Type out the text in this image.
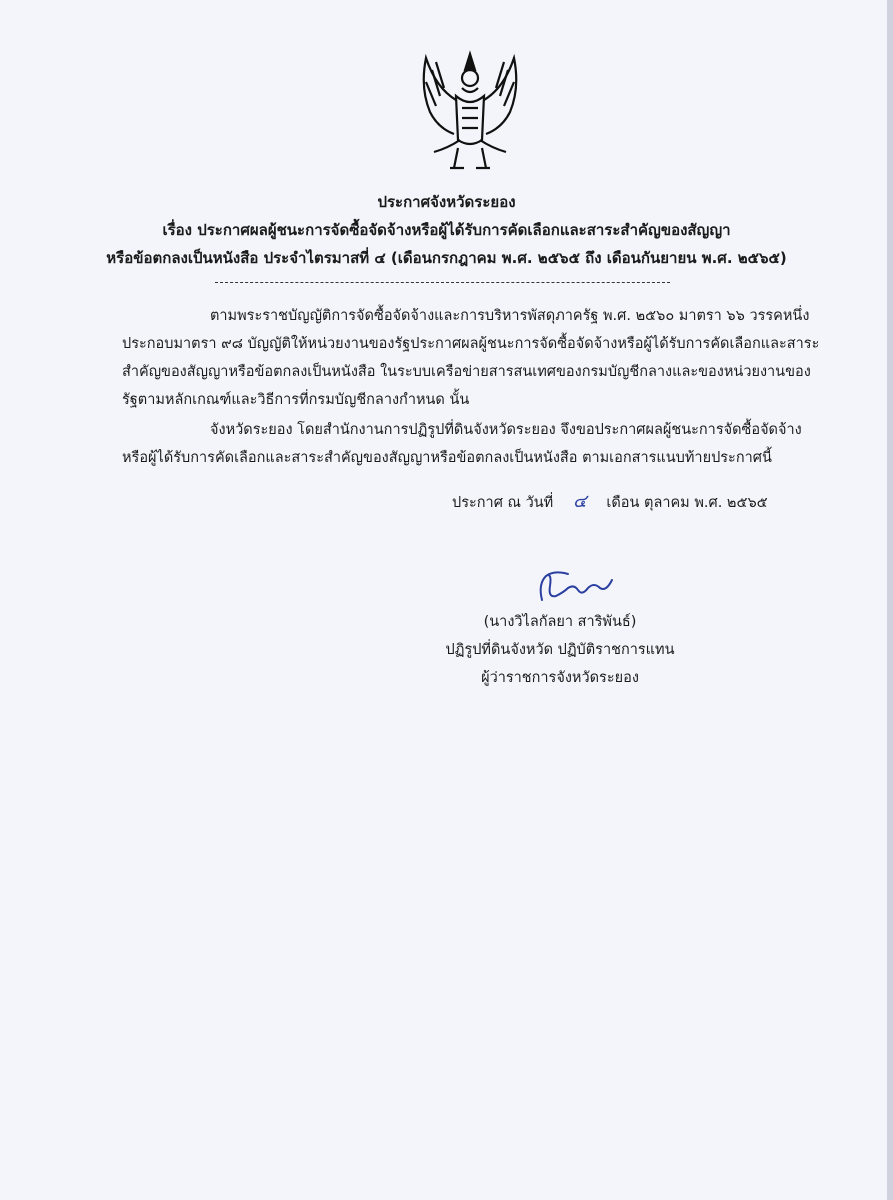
ประกาศจังหวัดระยอง
เรื่อง ประกาศผลผู้ชนะการจัดซื้อจัดจ้างหรือผู้ได้รับการคัดเลือกและสาระสำคัญของสัญญา
หรือข้อตกลงเป็นหนังสือ ประจำไตรมาสที่ ๔ (เดือนกรกฎาคม พ.ศ. ๒๕๖๕ ถึง เดือนกันยายน พ.ศ. ๒๕๖๕)
ตามพระราชบัญญัติการจัดซื้อจัดจ้างและการบริหารพัสดุภาครัฐ พ.ศ. ๒๕๖๐ มาตรา ๖๖ วรรคหนึ่ง ประกอบมาตรา ๙๘ บัญญัติให้หน่วยงานของรัฐประกาศผลผู้ชนะการจัดซื้อจัดจ้างหรือผู้ได้รับการคัดเลือกและสาระสำคัญของสัญญาหรือข้อตกลงเป็นหนังสือ ในระบบเครือข่ายสารสนเทศของกรมบัญชีกลางและของหน่วยงานของรัฐตามหลักเกณฑ์และวิธีการที่กรมบัญชีกลางกำหนด นั้น
จังหวัดระยอง โดยสำนักงานการปฏิรูปที่ดินจังหวัดระยอง จึงขอประกาศผลผู้ชนะการจัดซื้อจัดจ้างหรือผู้ได้รับการคัดเลือกและสาระสำคัญของสัญญาหรือข้อตกลงเป็นหนังสือ ตามเอกสารแนบท้ายประกาศนี้
ประกาศ ณ วันที่ ๔ เดือน ตุลาคม พ.ศ. ๒๕๖๕
(นางวิไลกัลยา สาริพันธ์)
ปฏิรูปที่ดินจังหวัด ปฏิบัติราชการแทน
ผู้ว่าราชการจังหวัดระยอง
